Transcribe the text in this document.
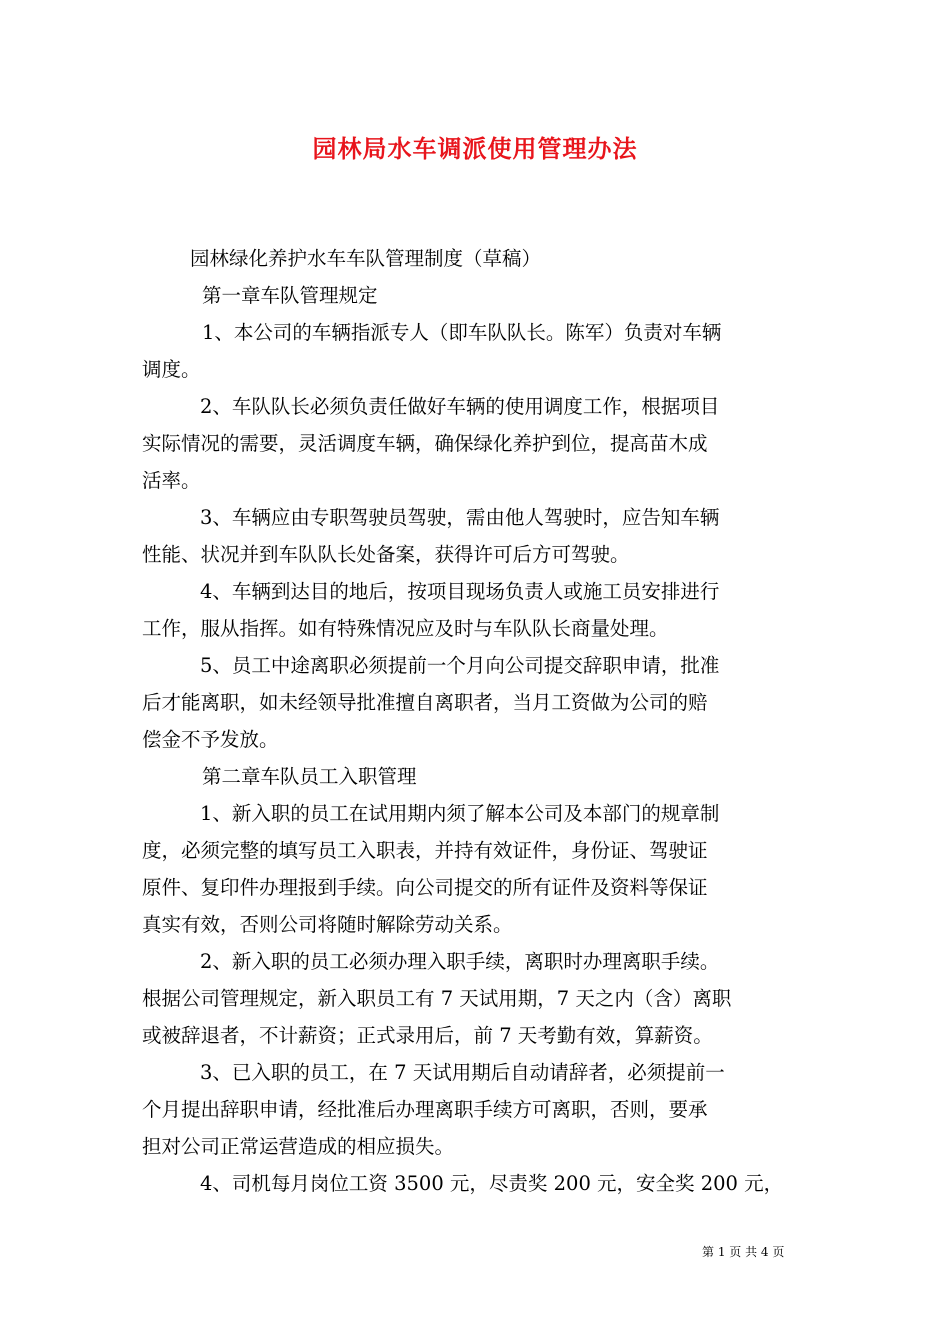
园林局水车调派使用管理办法
园林绿化养护水车车队管理制度（草稿）
第一章车队管理规定
1、本公司的车辆指派专人（即车队队长。陈军）负责对车辆
调度。
2、车队队长必须负责任做好车辆的使用调度工作，根据项目
实际情况的需要，灵活调度车辆，确保绿化养护到位，提高苗木成
活率。
3、车辆应由专职驾驶员驾驶，需由他人驾驶时，应告知车辆
性能、状况并到车队队长处备案，获得许可后方可驾驶。
4、车辆到达目的地后，按项目现场负责人或施工员安排进行
工作，服从指挥。如有特殊情况应及时与车队队长商量处理。
5、员工中途离职必须提前一个月向公司提交辞职申请，批准
后才能离职，如未经领导批准擅自离职者，当月工资做为公司的赔
偿金不予发放。
第二章车队员工入职管理
1、新入职的员工在试用期内须了解本公司及本部门的规章制
度，必须完整的填写员工入职表，并持有效证件，身份证、驾驶证
原件、复印件办理报到手续。向公司提交的所有证件及资料等保证
真实有效，否则公司将随时解除劳动关系。
2、新入职的员工必须办理入职手续，离职时办理离职手续。
根据公司管理规定，新入职员工有 7 天试用期，7 天之内（含）离职
或被辞退者，不计薪资；正式录用后，前 7 天考勤有效，算薪资。
3、已入职的员工，在 7 天试用期后自动请辞者，必须提前一
个月提出辞职申请，经批准后办理离职手续方可离职，否则，要承
担对公司正常运营造成的相应损失。
4、司机每月岗位工资 3500 元，尽责奖 200 元，安全奖 200 元，
第 1 页 共 4 页
